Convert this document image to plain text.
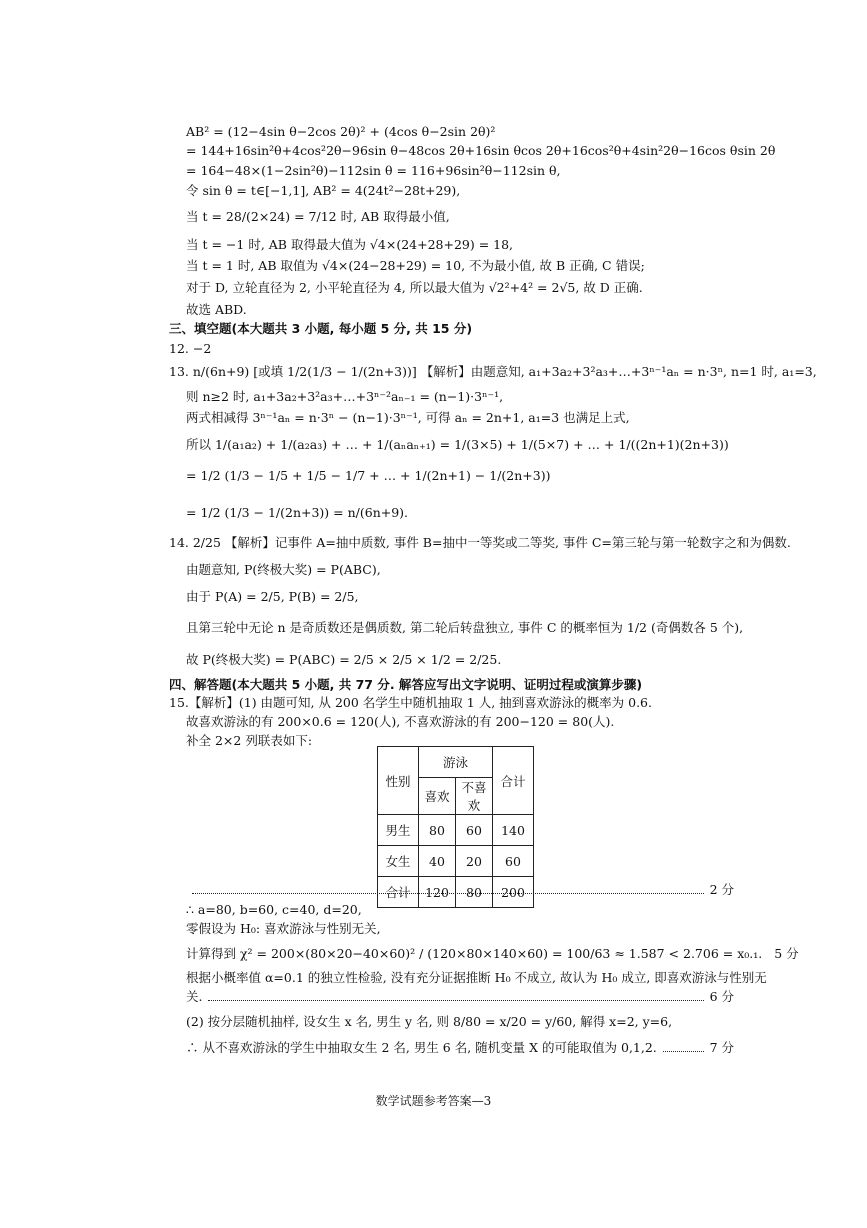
AB² = (12−4sin θ−2cos 2θ)² + (4cos θ−2sin 2θ)²
= 144+16sin²θ+4cos²2θ−96sin θ−48cos 2θ+16sin θcos 2θ+16cos²θ+4sin²2θ−16cos θsin 2θ
= 164−48×(1−2sin²θ)−112sin θ = 116+96sin²θ−112sin θ,
令 sin θ = t∈[−1,1], AB² = 4(24t²−28t+29),
当 t = 28/(2×24) = 7/12 时, AB 取得最小值,
当 t = −1 时, AB 取得最大值为 √4×(24+28+29) = 18,
当 t = 1 时, AB 取值为 √4×(24−28+29) = 10, 不为最小值, 故 B 正确, C 错误;
对于 D, 立轮直径为 2, 小平轮直径为 4, 所以最大值为 √2²+4² = 2√5, 故 D 正确.
故选 ABD.
三、填空题(本大题共 3 小题, 每小题 5 分, 共 15 分)
12. −2
13. n/(6n+9) [或填 1/2(1/3 − 1/(2n+3))] 【解析】由题意知, a₁+3a₂+3²a₃+…+3ⁿ⁻¹aₙ = n·3ⁿ, n=1 时, a₁=3,
则 n≥2 时, a₁+3a₂+3²a₃+…+3ⁿ⁻²aₙ₋₁ = (n−1)·3ⁿ⁻¹,
两式相减得 3ⁿ⁻¹aₙ = n·3ⁿ − (n−1)·3ⁿ⁻¹, 可得 aₙ = 2n+1, a₁=3 也满足上式,
所以 1/(a₁a₂) + 1/(a₂a₃) + … + 1/(aₙaₙ₊₁) = 1/(3×5) + 1/(5×7) + … + 1/((2n+1)(2n+3))
= 1/2 (1/3 − 1/5 + 1/5 − 1/7 + … + 1/(2n+1) − 1/(2n+3))
= 1/2 (1/3 − 1/(2n+3)) = n/(6n+9).
14. 2/25 【解析】记事件 A=抽中质数, 事件 B=抽中一等奖或二等奖, 事件 C=第三轮与第一轮数字之和为偶数.
由题意知, P(终极大奖) = P(ABC),
由于 P(A) = 2/5, P(B) = 2/5,
且第三轮中无论 n 是奇质数还是偶质数, 第二轮后转盘独立, 事件 C 的概率恒为 1/2 (奇偶数各 5 个),
故 P(终极大奖) = P(ABC) = 2/5 × 2/5 × 1/2 = 2/25.
四、解答题(本大题共 5 小题, 共 77 分. 解答应写出文字说明、证明过程或演算步骤)
15.【解析】(1) 由题可知, 从 200 名学生中随机抽取 1 人, 抽到喜欢游泳的概率为 0.6.
故喜欢游泳的有 200×0.6 = 120(人), 不喜欢游泳的有 200−120 = 80(人).
补全 2×2 列联表如下:
性别	游泳		合计
	喜欢	不喜欢	
男生	80	60	140
女生	40	20	60
合计	120	80	200	2 分
∴ a=80, b=60, c=40, d=20,
零假设为 H₀: 喜欢游泳与性别无关,
计算得到 χ² = 200×(80×20−40×60)² / (120×80×140×60) = 100/63 ≈ 1.587 < 2.706 = x₀.₁. 5 分
根据小概率值 α=0.1 的独立性检验, 没有充分证据推断 H₀ 不成立, 故认为 H₀ 成立, 即喜欢游泳与性别无
关.	6 分
(2) 按分层随机抽样, 设女生 x 名, 男生 y 名, 则 8/80 = x/20 = y/60, 解得 x=2, y=6,
∴ 从不喜欢游泳的学生中抽取女生 2 名, 男生 6 名, 随机变量 X 的可能取值为 0,1,2.	7 分
数学试题参考答案—3
